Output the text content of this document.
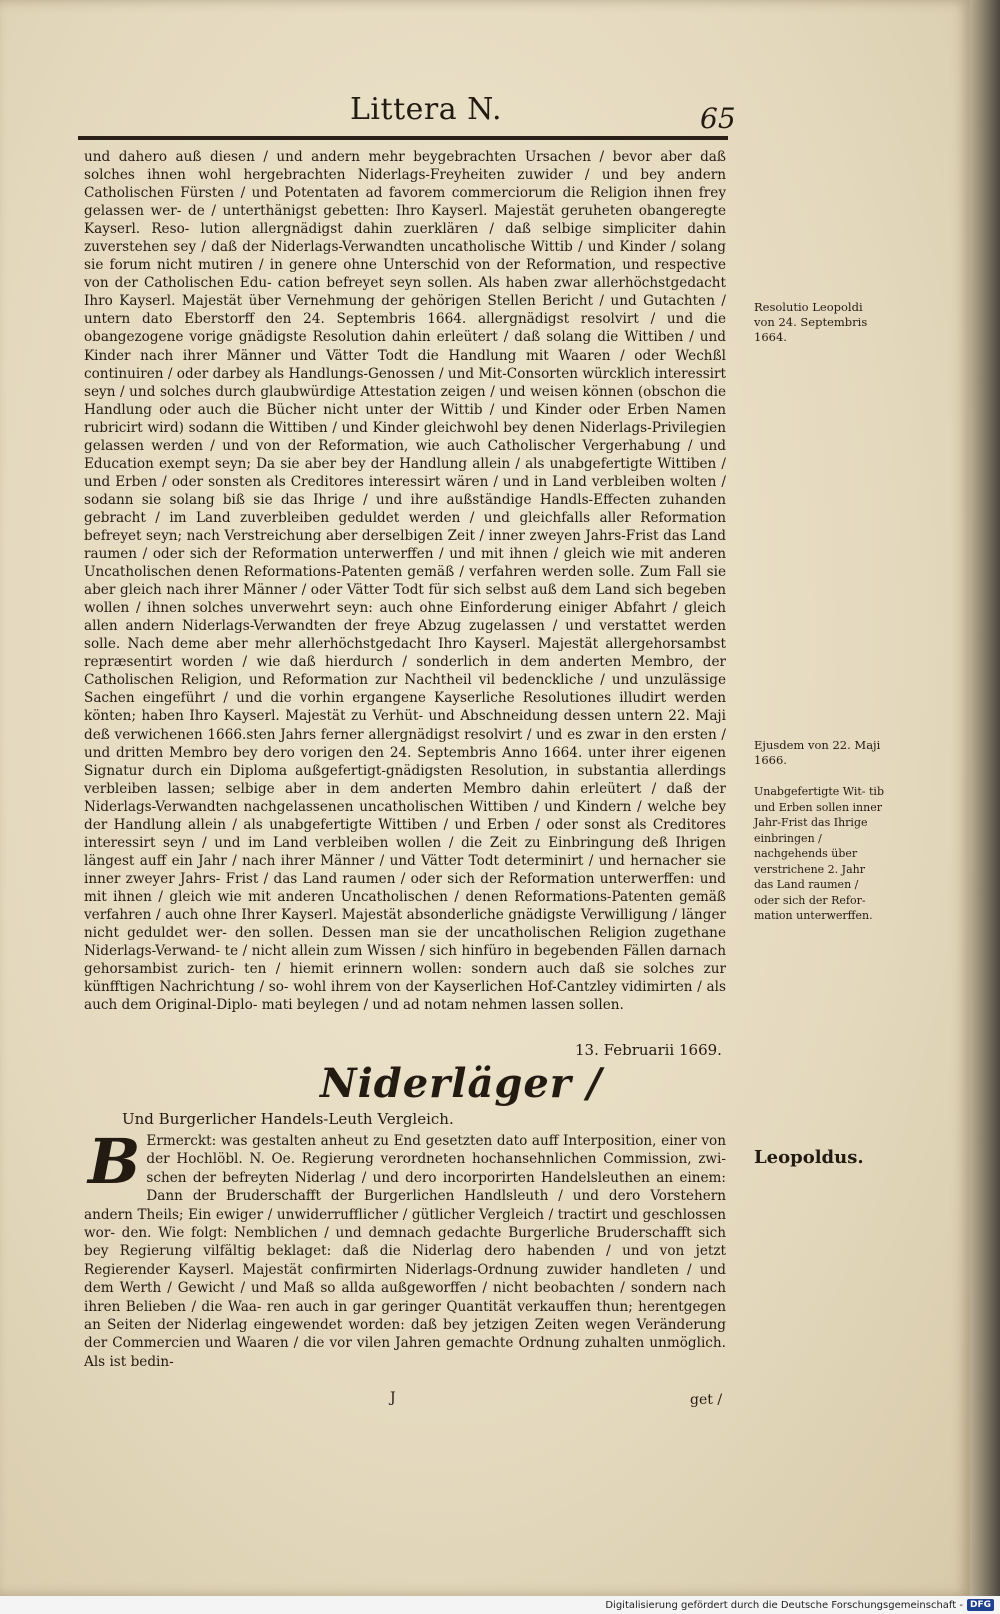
Littera N.	65

und dahero auß diesen / und andern mehr beygebrachten Ursachen / bevor aber daß solches ihnen wohl hergebrachten Niderlags-Freyheiten zuwider / und bey andern Catholischen Fürsten / und Potentaten ad favorem commerciorum die Religion ihnen frey gelassen wer- de / unterthänigst gebetten: Ihro Kayserl. Majestät geruheten obangeregte Kayserl. Reso- lution allergnädigst dahin zuerklären / daß selbige simpliciter dahin zuverstehen sey / daß der Niderlags-Verwandten uncatholische Wittib / und Kinder / solang sie forum nicht mutiren / in genere ohne Unterschid von der Reformation, und respective von der Catholischen Edu- cation befreyet seyn sollen. Als haben zwar allerhöchstgedacht Ihro Kayserl. Majestät über Vernehmung der gehörigen Stellen Bericht / und Gutachten / untern dato Eberstorff den 24. Septembris 1664. allergnädigst resolvirt / und die obangezogene vorige gnädigste Resolution dahin erleütert / daß solang die Wittiben / und Kinder nach ihrer Männer und Vätter Todt die Handlung mit Waaren / oder Wechßl continuiren / oder darbey als Handlungs-Genossen / und Mit-Consorten würcklich interessirt seyn / und solches durch glaubwürdige Attestation zeigen / und weisen können (obschon die Handlung oder auch die Bücher nicht unter der Wittib / und Kinder oder Erben Namen rubricirt wird) sodann die Wittiben / und Kinder gleichwohl bey denen Niderlags-Privilegien gelassen werden / und von der Reformation, wie auch Catholischer Vergerhabung / und Education exempt seyn; Da sie aber bey der Handlung allein / als unabgefertigte Wittiben / und Erben / oder sonsten als Creditores interessirt wären / und in Land verbleiben wolten / sodann sie solang biß sie das Ihrige / und ihre außständige Handls-Effecten zuhanden gebracht / im Land zuverbleiben geduldet werden / und gleichfalls aller Reformation befreyet seyn; nach Verstreichung aber derselbigen Zeit / inner zweyen Jahrs-Frist das Land raumen / oder sich der Reformation unterwerffen / und mit ihnen / gleich wie mit anderen Uncatholischen denen Reformations-Patenten gemäß / verfahren werden solle. Zum Fall sie aber gleich nach ihrer Männer / oder Vätter Todt für sich selbst auß dem Land sich begeben wollen / ihnen solches unverwehrt seyn: auch ohne Einforderung einiger Abfahrt / gleich allen andern Niderlags-Verwandten der freye Abzug zugelassen / und verstattet werden solle. Nach deme aber mehr allerhöchstgedacht Ihro Kayserl. Majestät allergehorsambst repræsentirt worden / wie daß hierdurch / sonderlich in dem anderten Membro, der Catholischen Religion, und Reformation zur Nachtheil vil bedenckliche / und unzulässige Sachen eingeführt / und die vorhin ergangene Kayserliche Resolutiones illudirt werden könten; haben Ihro Kayserl. Majestät zu Verhüt- und Abschneidung dessen untern 22. Maji deß verwichenen 1666.sten Jahrs ferner allergnädigst resolvirt / und es zwar in den ersten / und dritten Membro bey dero vorigen den 24. Septembris Anno 1664. unter ihrer eigenen Signatur durch ein Diploma außgefertigt-gnädigsten Resolution, in substantia allerdings verbleiben lassen; selbige aber in dem anderten Membro dahin erleütert / daß der Niderlags-Verwandten nachgelassenen uncatholischen Wittiben / und Kindern / welche bey der Handlung allein / als unabgefertigte Wittiben / und Erben / oder sonst als Creditores interessirt seyn / und im Land verbleiben wollen / die Zeit zu Einbringung deß Ihrigen längest auff ein Jahr / nach ihrer Männer / und Vätter Todt determinirt / und hernacher sie inner zweyer Jahrs- Frist / das Land raumen / oder sich der Reformation unterwerffen: und mit ihnen / gleich wie mit anderen Uncatholischen / denen Reformations-Patenten gemäß verfahren / auch ohne Ihrer Kayserl. Majestät absonderliche gnädigste Verwilligung / länger nicht geduldet wer- den sollen. Dessen man sie der uncatholischen Religion zugethane Niderlags-Verwand- te / nicht allein zum Wissen / sich hinfüro in begebenden Fällen darnach gehorsambist zurich- ten / hiemit erinnern wollen: sondern auch daß sie solches zur künfftigen Nachrichtung / so- wohl ihrem von der Kayserlichen Hof-Cantzley vidimirten / als auch dem Original-Diplo- mati beylegen / und ad notam nehmen lassen sollen.

13. Februarii 1669.
Niderläger /
Und Burgerlicher Handels-Leuth Vergleich.
B Ermerckt: was gestalten anheut zu End gesetzten dato auff Interposition, einer von der Hochlöbl. N. Oe. Regierung verordneten hochansehnlichen Commission, zwi- schen der befreyten Niderlag / und dero incorporirten Handelsleuthen an einem: Dann der Bruderschafft der Burgerlichen Handlsleuth / und dero Vorstehern andern Theils; Ein ewiger / unwiderrufflicher / gütlicher Vergleich / tractirt und geschlossen wor- den. Wie folgt: Nemblichen / und demnach gedachte Burgerliche Bruderschafft sich bey Regierung vilfältig beklaget: daß die Niderlag dero habenden / und von jetzt Regierender Kayserl. Majestät confirmirten Niderlags-Ordnung zuwider handleten / und dem Werth / Gewicht / und Maß so allda außgeworffen / nicht beobachten / sondern nach ihren Belieben / die Waa- ren auch in gar geringer Quantität verkauffen thun; herentgegen an Seiten der Niderlag eingewendet worden: daß bey jetzigen Zeiten wegen Veränderung der Commercien und Waaren / die vor vilen Jahren gemachte Ordnung zuhalten unmöglich. Als ist bedin-
J	get /
Resolutio Leopoldi von 24. Septembris 1664.
Ejusdem von 22. Maji 1666.
Unabgefertigte Wit- tib und Erben sollen inner Jahr-Frist das Ihrige einbringen / nachgehends über verstrichene 2. Jahr das Land raumen / oder sich der Refor- mation unterwerffen.
Leopoldus.
Digitalisierung gefördert durch die Deutsche Forschungsgemeinschaft - DFG
